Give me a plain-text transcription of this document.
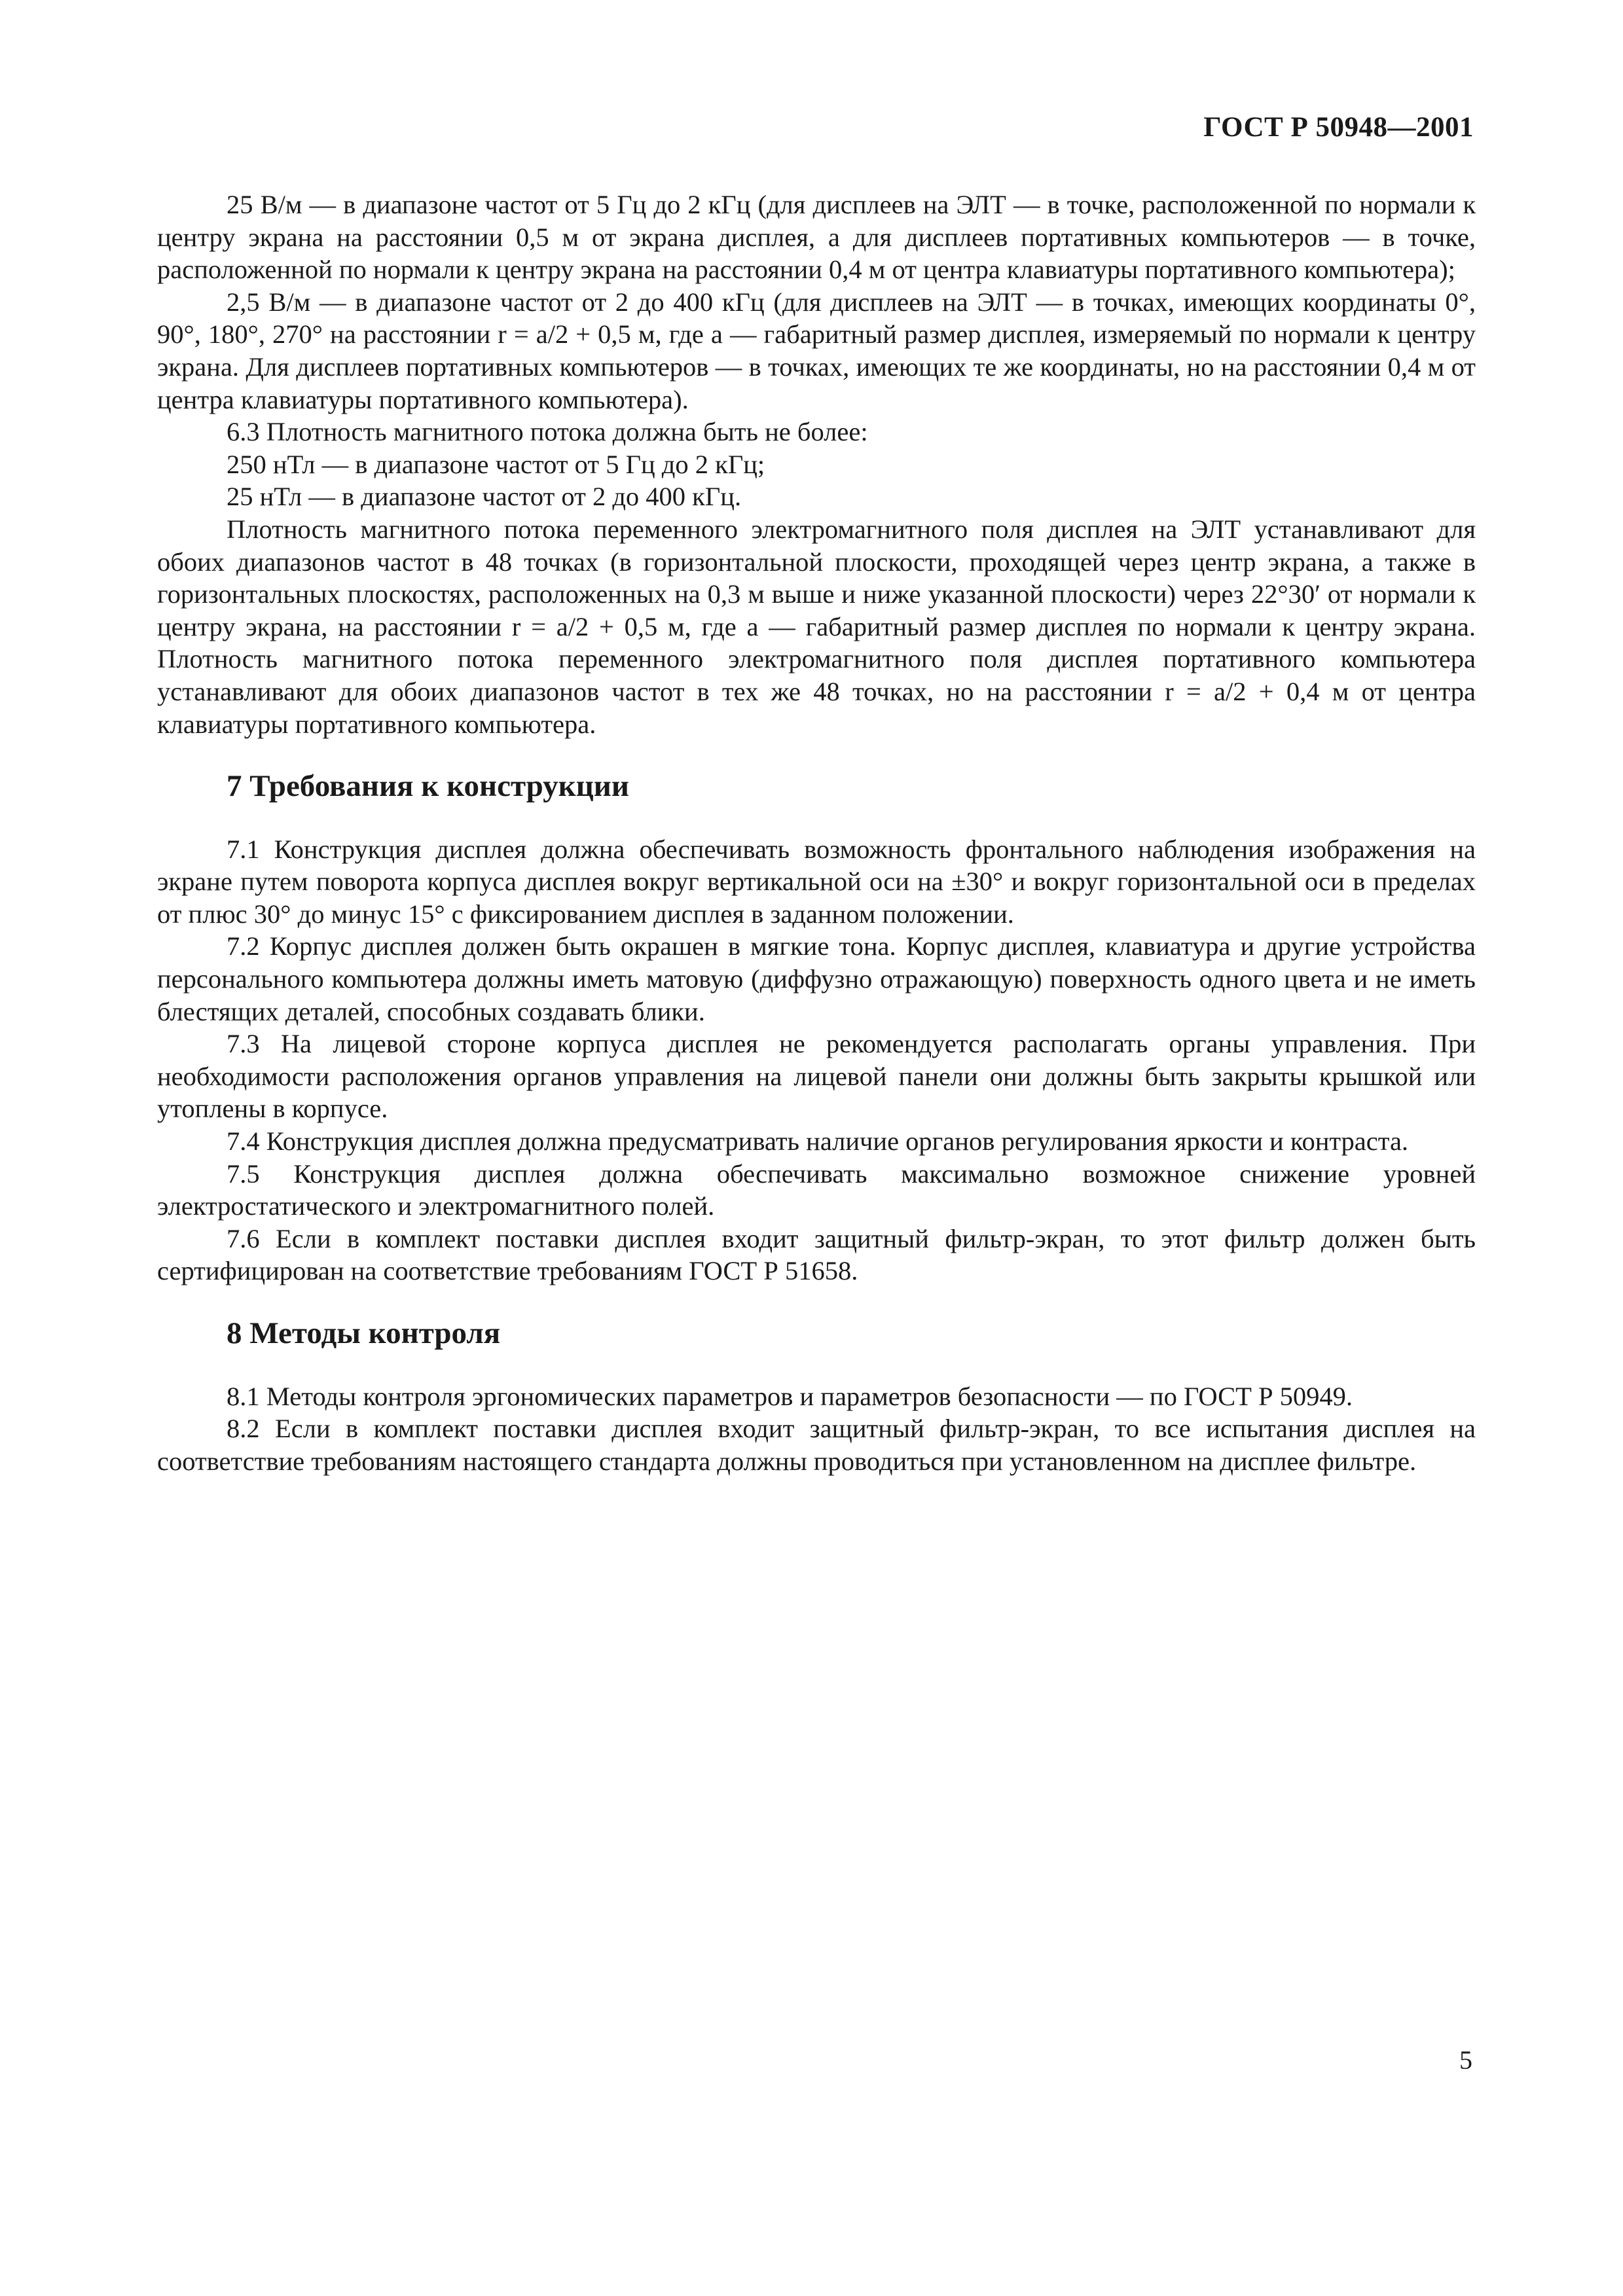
ГОСТ Р 50948—2001

25 В/м — в диапазоне частот от 5 Гц до 2 кГц (для дисплеев на ЭЛТ — в точке, расположенной по нормали к центру экрана на расстоянии 0,5 м от экрана дисплея, а для дисплеев портативных компьютеров — в точке, расположенной по нормали к центру экрана на расстоянии 0,4 м от центра клавиатуры портативного компьютера);

2,5 В/м — в диапазоне частот от 2 до 400 кГц (для дисплеев на ЭЛТ — в точках, имеющих координаты 0°, 90°, 180°, 270° на расстоянии r = a/2 + 0,5 м, где a — габаритный размер дисплея, измеряемый по нормали к центру экрана. Для дисплеев портативных компьютеров — в точках, имеющих те же координаты, но на расстоянии 0,4 м от центра клавиатуры портативного компьютера).

6.3 Плотность магнитного потока должна быть не более:

250 нТл — в диапазоне частот от 5 Гц до 2 кГц;

25 нТл — в диапазоне частот от 2 до 400 кГц.

Плотность магнитного потока переменного электромагнитного поля дисплея на ЭЛТ устанавливают для обоих диапазонов частот в 48 точках (в горизонтальной плоскости, проходящей через центр экрана, а также в горизонтальных плоскостях, расположенных на 0,3 м выше и ниже указанной плоскости) через 22°30′ от нормали к центру экрана, на расстоянии r = a/2 + 0,5 м, где a — габаритный размер дисплея по нормали к центру экрана. Плотность магнитного потока переменного электромагнитного поля дисплея портативного компьютера устанавливают для обоих диапазонов частот в тех же 48 точках, но на расстоянии r = a/2 + 0,4 м от центра клавиатуры портативного компьютера.

7 Требования к конструкции

7.1 Конструкция дисплея должна обеспечивать возможность фронтального наблюдения изображения на экране путем поворота корпуса дисплея вокруг вертикальной оси на ±30° и вокруг горизонтальной оси в пределах от плюс 30° до минус 15° с фиксированием дисплея в заданном положении.

7.2 Корпус дисплея должен быть окрашен в мягкие тона. Корпус дисплея, клавиатура и другие устройства персонального компьютера должны иметь матовую (диффузно отражающую) поверхность одного цвета и не иметь блестящих деталей, способных создавать блики.

7.3 На лицевой стороне корпуса дисплея не рекомендуется располагать органы управления. При необходимости расположения органов управления на лицевой панели они должны быть закрыты крышкой или утоплены в корпусе.

7.4 Конструкция дисплея должна предусматривать наличие органов регулирования яркости и контраста.

7.5 Конструкция дисплея должна обеспечивать максимально возможное снижение уровней электростатического и электромагнитного полей.

7.6 Если в комплект поставки дисплея входит защитный фильтр-экран, то этот фильтр должен быть сертифицирован на соответствие требованиям ГОСТ Р 51658.

8 Методы контроля

8.1 Методы контроля эргономических параметров и параметров безопасности — по ГОСТ Р 50949.

8.2 Если в комплект поставки дисплея входит защитный фильтр-экран, то все испытания дисплея на соответствие требованиям настоящего стандарта должны проводиться при установленном на дисплее фильтре.

5
